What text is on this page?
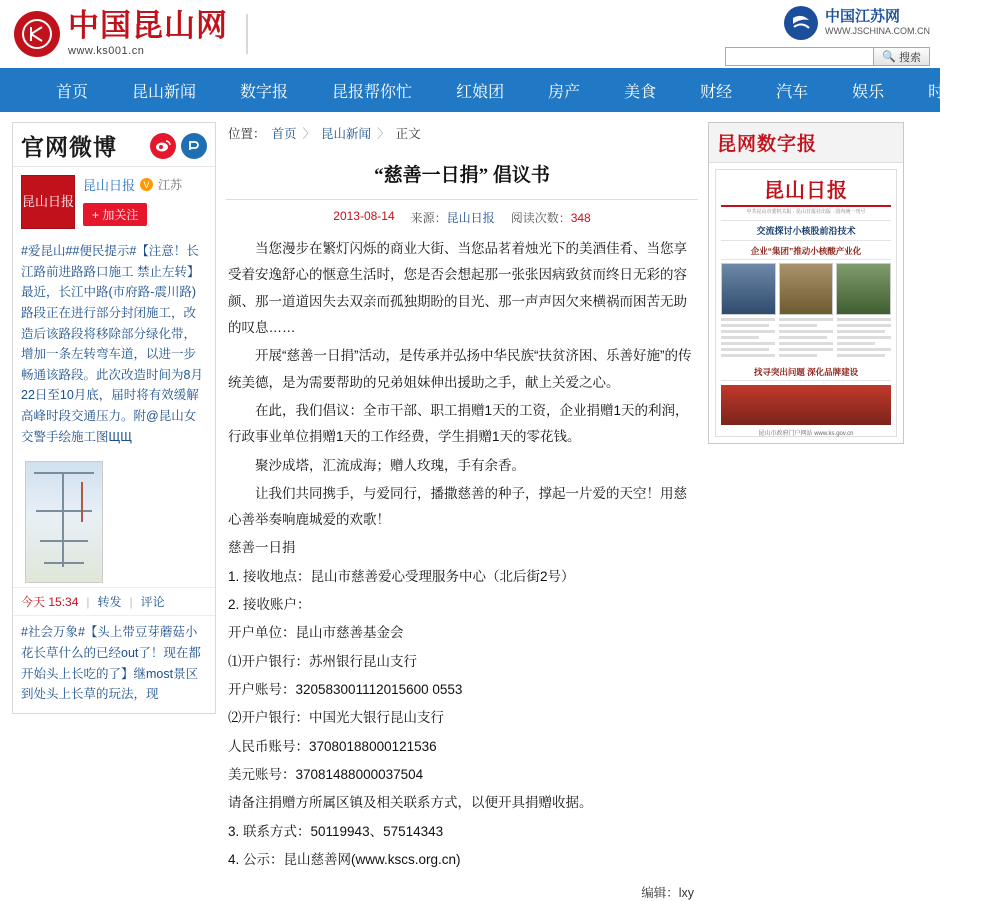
中国昆山网
www.ks001.cn
中国江苏网
WWW.JSCHINA.COM.CN
🔍 搜索
首页	昆山新闻	数字报	昆报帮你忙	红娘团	房产	美食	财经	汽车	娱乐	时尚
官网微博
昆山日报
昆山日报 V 江苏
+ 加关注
#爱昆山##便民提示#【注意！长江路前进路路口施工 禁止左转】最近，长江中路(市府路-震川路)路段正在进行部分封闭施工，改造后该路段将移除部分绿化带，增加一条左转弯车道，以进一步畅通该路段。此次改造时间为8月22日至10月底，届时将有效缓解高峰时段交通压力。附@昆山女交警手绘施工图ЩЩ
今天 15:34 | 转发 | 评论
#社会万象#【头上带豆芽蘑菇小花长草什么的已经out了！现在都开始头上长吃的了】继most景区到处头上长草的玩法，现
位置： 首页 〉 昆山新闻 〉 正文
“慈善一日捐” 倡议书
2013-08-14 来源：昆山日报 阅读次数：348

当您漫步在繁灯闪烁的商业大街、当您品茗着烛光下的美酒佳肴、当您享受着安逸舒心的惬意生活时，您是否会想起那一张张因病致贫而终日无彩的容颜、那一道道因失去双亲而孤独期盼的目光、那一声声因欠来横祸而困苦无助的叹息……

开展“慈善一日捐”活动，是传承并弘扬中华民族“扶贫济困、乐善好施”的传统美德，是为需要帮助的兄弟姐妹伸出援助之手，献上关爱之心。

在此，我们倡议：全市干部、职工捐赠1天的工资，企业捐赠1天的利润，行政事业单位捐赠1天的工作经费，学生捐赠1天的零花钱。

聚沙成塔，汇流成海；赠人玫瑰，手有余香。

让我们共同携手，与爱同行，播撒慈善的种子，撑起一片爱的天空！用慈心善举奏响鹿城爱的欢歌！

慈善一日捐

1. 接收地点：昆山市慈善爱心受理服务中心（北后街2号）

2. 接收账户：

开户单位：昆山市慈善基金会

⑴开户银行：苏州银行昆山支行

开户账号：320583001112015600 0553

⑵开户银行：中国光大银行昆山支行

人民币账号：37080188000121536

美元账号：37081488000037504

请备注捐赠方所属区镇及相关联系方式，以便开具捐赠收据。

3. 联系方式：50119943、57514343

4. 公示：昆山慈善网(www.kscs.org.cn)

编辑：lxy
昆网数字报
昆山日报
中共昆山市委机关报 · 昆山日报社出版 · 国内统一刊号
交流探讨小核股前沿技术
企业“集团”推动小核酸产业化
找寻突出问题 深化品牌建设
昆山市政府门户网站 www.ks.gov.cn
